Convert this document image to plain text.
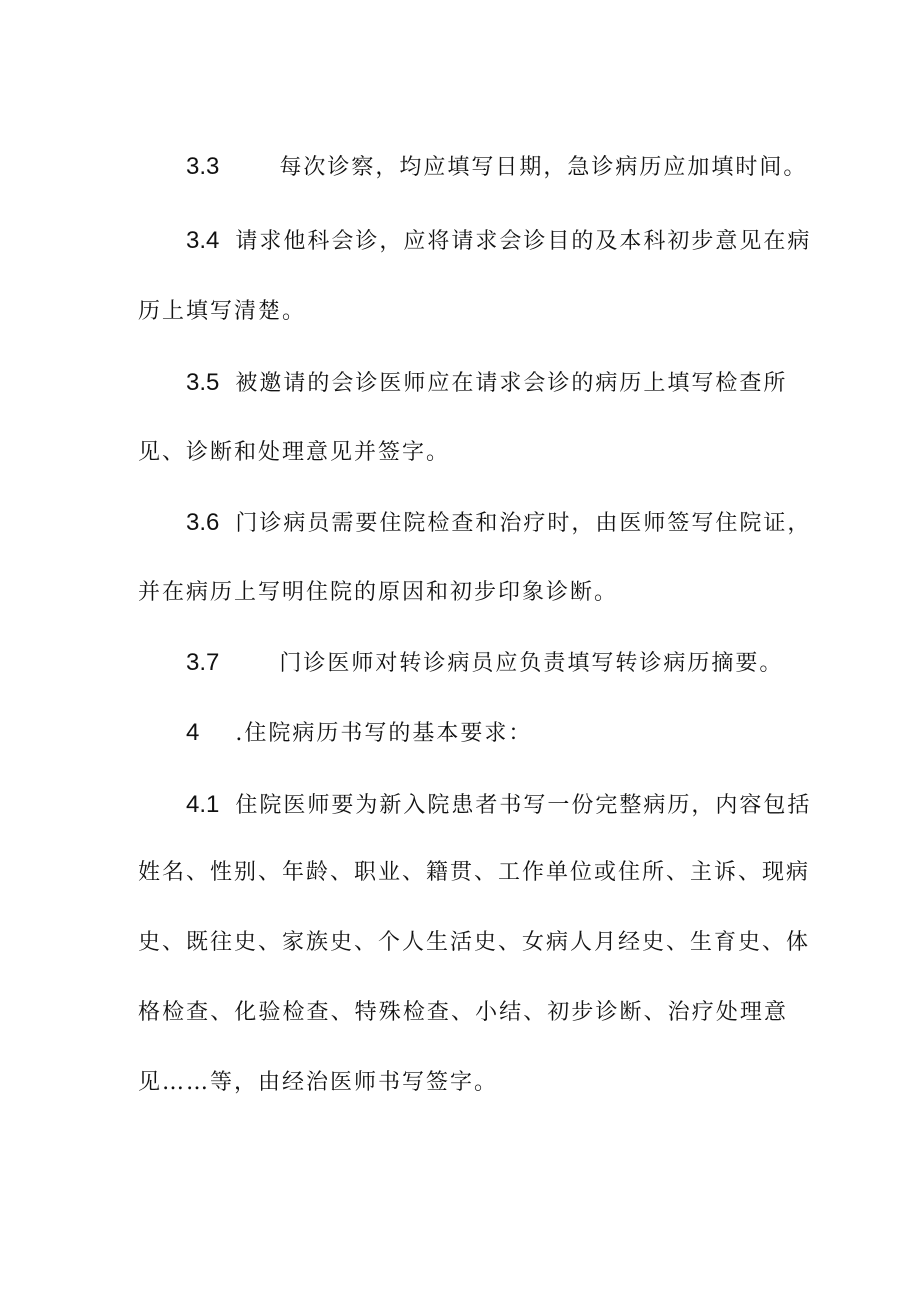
3.3	每次诊察，均应填写日期，急诊病历应加填时间。
3.4 请求他科会诊，应将请求会诊目的及本科初步意见在病
历上填写清楚。
3.5 被邀请的会诊医师应在请求会诊的病历上填写检查所
见、诊断和处理意见并签字。
3.6 门诊病员需要住院检查和治疗时，由医师签写住院证，
并在病历上写明住院的原因和初步印象诊断。
3.7	门诊医师对转诊病员应负责填写转诊病历摘要。
4 .住院病历书写的基本要求：
4.1 住院医师要为新入院患者书写一份完整病历，内容包括
姓名、性别、年龄、职业、籍贯、工作单位或住所、主诉、现病
史、既往史、家族史、个人生活史、女病人月经史、生育史、体
格检查、化验检查、特殊检查、小结、初步诊断、治疗处理意
见……等，由经治医师书写签字。
